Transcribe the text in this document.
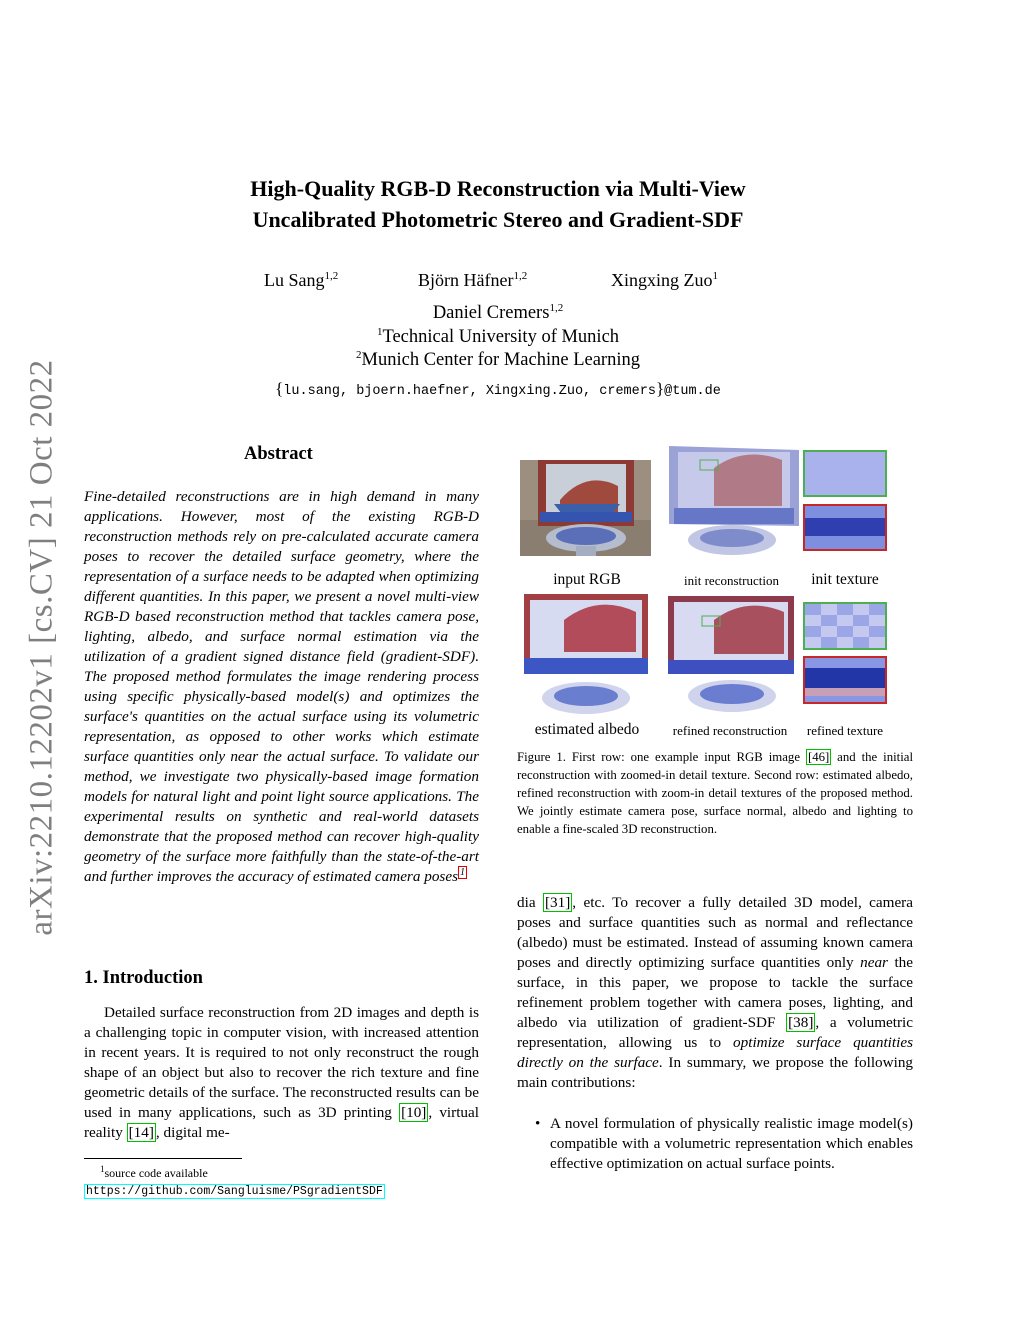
arXiv:2210.12202v1 [cs.CV] 21 Oct 2022
High-Quality RGB-D Reconstruction via Multi-View
Uncalibrated Photometric Stereo and Gradient-SDF
Lu Sang$^{1,2}$	Björn Häfner$^{1,2}$	Xingxing Zuo$^1$
Daniel Cremers$^{1,2}$
$^1$Technical University of Munich
$^2$Munich Center for Machine Learning
{lu.sang, bjoern.haefner, Xingxing.Zuo, cremers}@tum.de
Abstract
Fine-detailed reconstructions are in high demand in many applications. However, most of the existing RGB-D reconstruction methods rely on pre-calculated accurate camera poses to recover the detailed surface geometry, where the representation of a surface needs to be adapted when optimizing different quantities. In this paper, we present a novel multi-view RGB-D based reconstruction method that tackles camera pose, lighting, albedo, and surface normal estimation via the utilization of a gradient signed distance field (gradient-SDF). The proposed method formulates the image rendering process using specific physically-based model(s) and optimizes the surface's quantities on the actual surface using its volumetric representation, as opposed to other works which estimate surface quantities only near the actual surface. To validate our method, we investigate two physically-based image formation models for natural light and point light source applications. The experimental results on synthetic and real-world datasets demonstrate that the proposed method can recover high-quality geometry of the surface more faithfully than the state-of-the-art and further improves the accuracy of estimated camera poses $^1$
1. Introduction
Detailed surface reconstruction from 2D images and depth is a challenging topic in computer vision, with increased attention in recent years. It is required to not only reconstruct the rough shape of an object but also to recover the rich texture and fine geometric details of the surface. The reconstructed results can be used in many applications, such as 3D printing [10] , virtual reality [14] , digital me-
$^1$source code available https://github.com/Sangluisme/PSgradientSDF
input RGB	init reconstruction	init texture
estimated albedo	refined reconstruction	refined texture
Figure 1. First row: one example input RGB image [46] and the initial reconstruction with zoomed-in detail texture. Second row: estimated albedo, refined reconstruction with zoom-in detail textures of the proposed method. We jointly estimate camera pose, surface normal, albedo and lighting to enable a fine-scaled 3D reconstruction.
dia [31] , etc. To recover a fully detailed 3D model, camera poses and surface quantities such as normal and reflectance (albedo) must be estimated. Instead of assuming known camera poses and directly optimizing surface quantities only near the surface, in this paper, we propose to tackle the surface refinement problem together with camera poses, lighting, and albedo via utilization of gradient-SDF [38] , a volumetric representation, allowing us to optimize surface quantities directly on the surface. In summary, we propose the following main contributions:
• A novel formulation of physically realistic image model(s) compatible with a volumetric representation which enables effective optimization on actual surface points.
